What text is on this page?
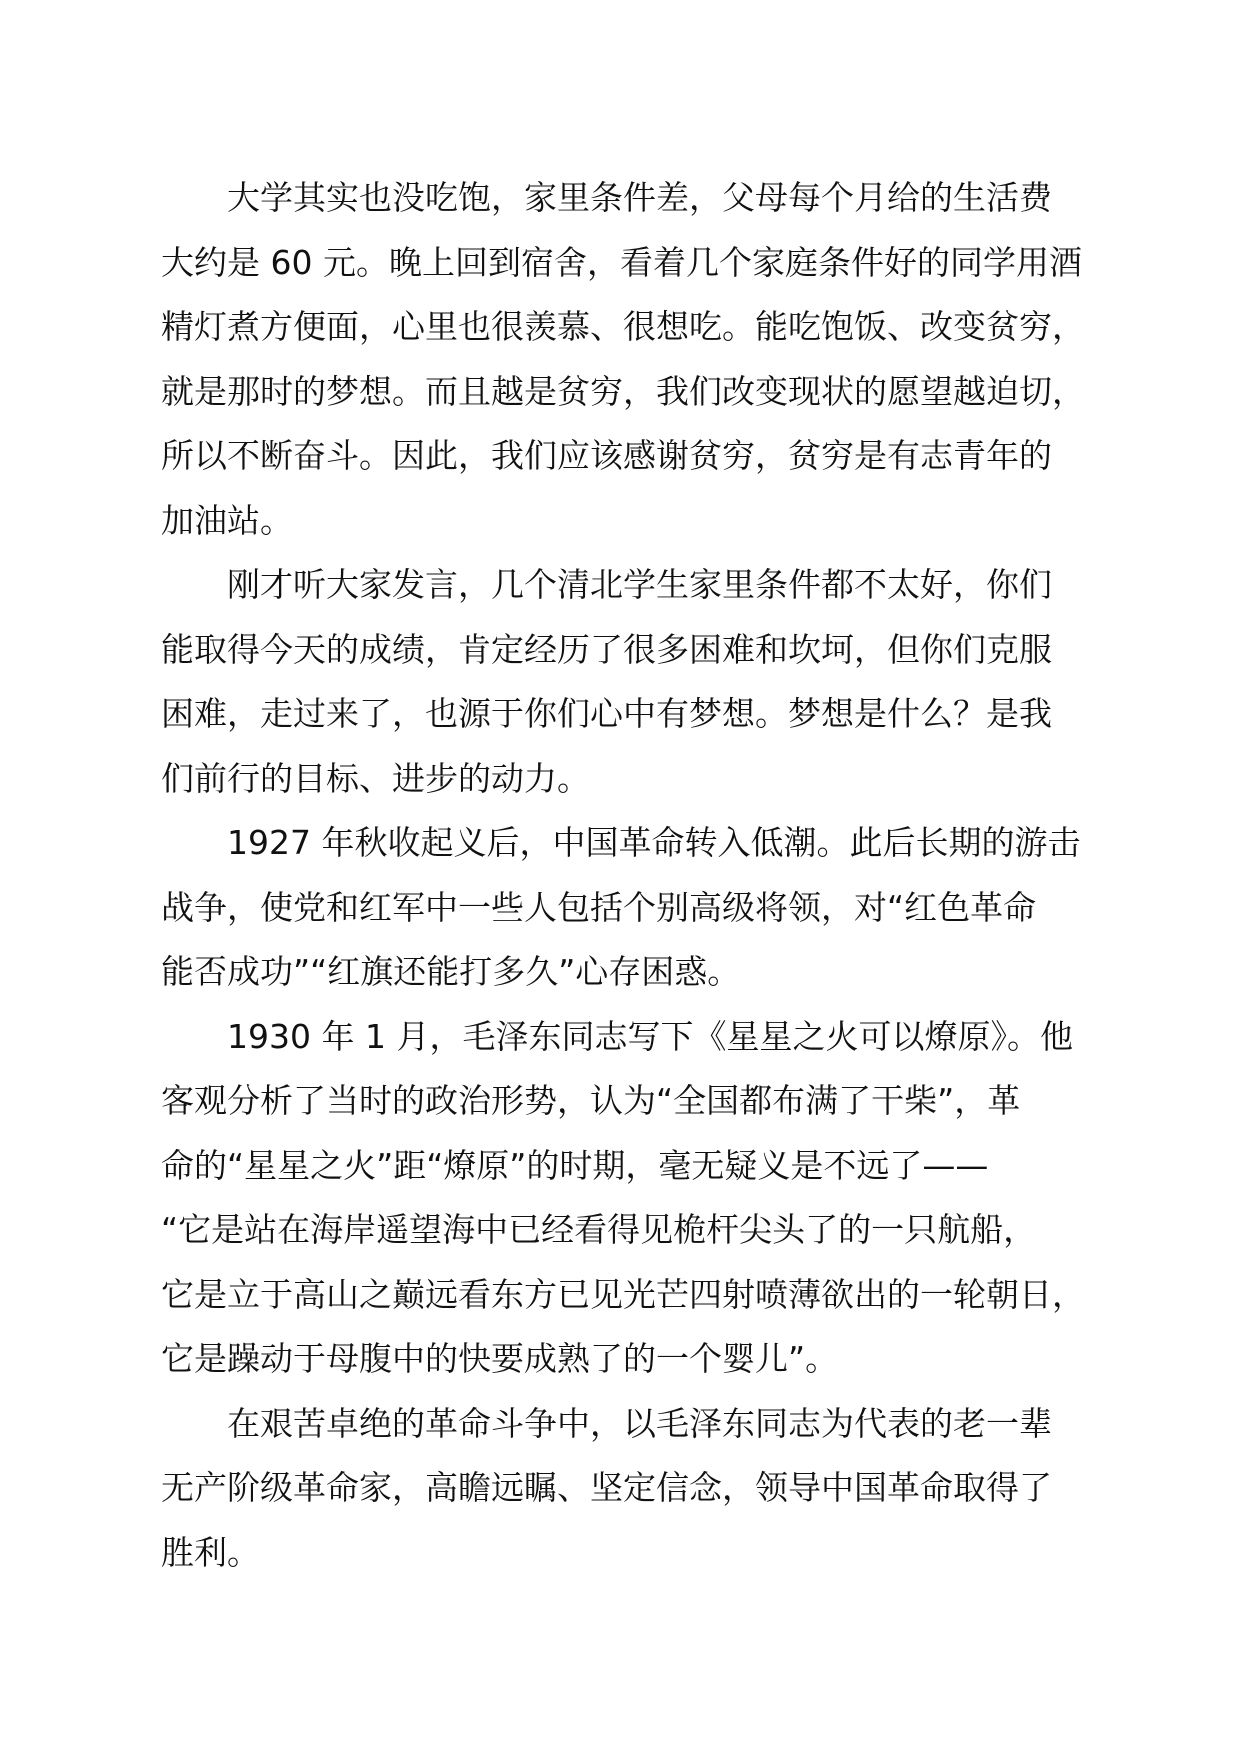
大学其实也没吃饱，家里条件差，父母每个月给的生活费
大约是 60 元。晚上回到宿舍，看着几个家庭条件好的同学用酒
精灯煮方便面，心里也很羡慕、很想吃。能吃饱饭、改变贫穷，
就是那时的梦想。而且越是贫穷，我们改变现状的愿望越迫切，
所以不断奋斗。因此，我们应该感谢贫穷，贫穷是有志青年的
加油站。
刚才听大家发言，几个清北学生家里条件都不太好，你们
能取得今天的成绩，肯定经历了很多困难和坎坷，但你们克服
困难，走过来了，也源于你们心中有梦想。梦想是什么？是我
们前行的目标、进步的动力。
1927 年秋收起义后，中国革命转入低潮。此后长期的游击
战争，使党和红军中一些人包括个别高级将领，对“红色革命
能否成功”“红旗还能打多久”心存困惑。
1930 年 1 月，毛泽东同志写下《星星之火可以燎原》。他
客观分析了当时的政治形势，认为“全国都布满了干柴”，革
命的“星星之火”距“燎原”的时期，毫无疑义是不远了——
“它是站在海岸遥望海中已经看得见桅杆尖头了的一只航船，
它是立于高山之巅远看东方已见光芒四射喷薄欲出的一轮朝日，
它是躁动于母腹中的快要成熟了的一个婴儿”。
在艰苦卓绝的革命斗争中，以毛泽东同志为代表的老一辈
无产阶级革命家，高瞻远瞩、坚定信念，领导中国革命取得了
胜利。
